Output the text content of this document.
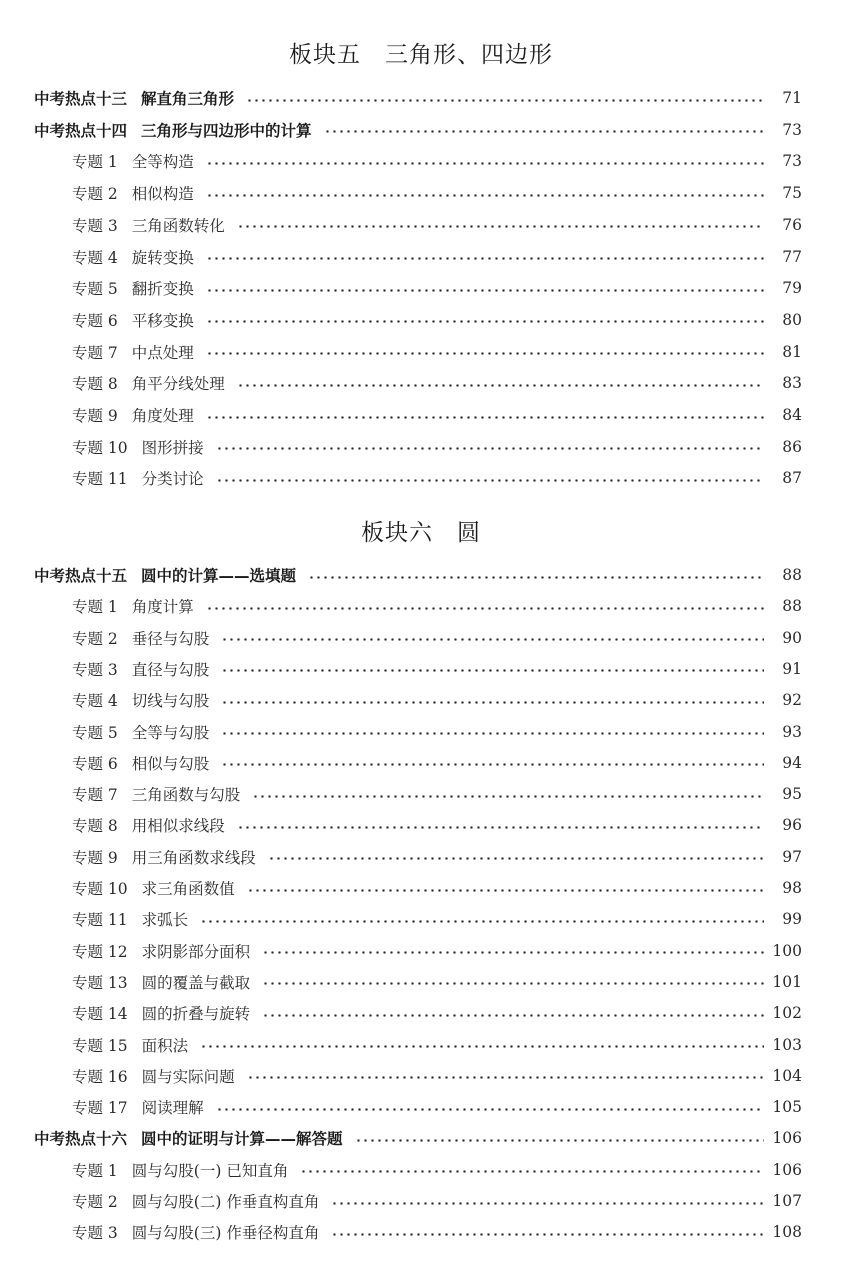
板块五　三角形、四边形
中考热点十三 解直角三角形	71
中考热点十四 三角形与四边形中的计算	73
专题 1 全等构造	73
专题 2 相似构造	75
专题 3 三角函数转化	76
专题 4 旋转变换	77
专题 5 翻折变换	79
专题 6 平移变换	80
专题 7 中点处理	81
专题 8 角平分线处理	83
专题 9 角度处理	84
专题 10 图形拼接	86
专题 11 分类讨论	87
板块六　圆
中考热点十五 圆中的计算——选填题	88
专题 1 角度计算	88
专题 2 垂径与勾股	90
专题 3 直径与勾股	91
专题 4 切线与勾股	92
专题 5 全等与勾股	93
专题 6 相似与勾股	94
专题 7 三角函数与勾股	95
专题 8 用相似求线段	96
专题 9 用三角函数求线段	97
专题 10 求三角函数值	98
专题 11 求弧长	99
专题 12 求阴影部分面积	100
专题 13 圆的覆盖与截取	101
专题 14 圆的折叠与旋转	102
专题 15 面积法	103
专题 16 圆与实际问题	104
专题 17 阅读理解	105
中考热点十六 圆中的证明与计算——解答题	106
专题 1 圆与勾股(一) 已知直角	106
专题 2 圆与勾股(二) 作垂直构直角	107
专题 3 圆与勾股(三) 作垂径构直角	108
